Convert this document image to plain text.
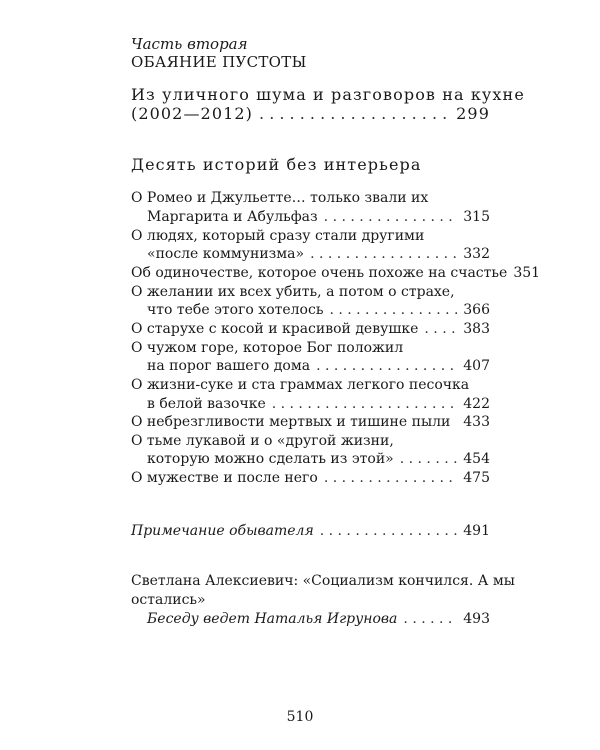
Часть вторая
ОБАЯНИЕ ПУСТОТЫ
Из уличного шума и разговоров на кухне
(2002—2012) . . .	299
Десять историй без интерьера
О Ромео и Джульетте… только звали их
Маргарита и Абульфаз . . .	315
О людях, который сразу стали другими
«после коммунизма» . . .	332
Об одиночестве, которое очень похоже на счастье 351
О желании их всех убить, а потом о страхе,
что тебе этого хотелось . . .	366
О старухе с косой и красивой девушке . . .	383
О чужом горе, которое Бог положил
на порог вашего дома . . .	407
О жизни-суке и ста граммах легкого песочка
в белой вазочке . . .	422
О небрезгливости мертвых и тишине пыли . . . 433
О тьме лукавой и о «другой жизни,
которую можно сделать из этой» . . .	454
О мужестве и после него . . .	475
Примечание обывателя . . .	491
Светлана Алексиевич: «Социализм кончился. А мы
остались»
Беседу ведет Наталья Игрунова . . .	493
510
